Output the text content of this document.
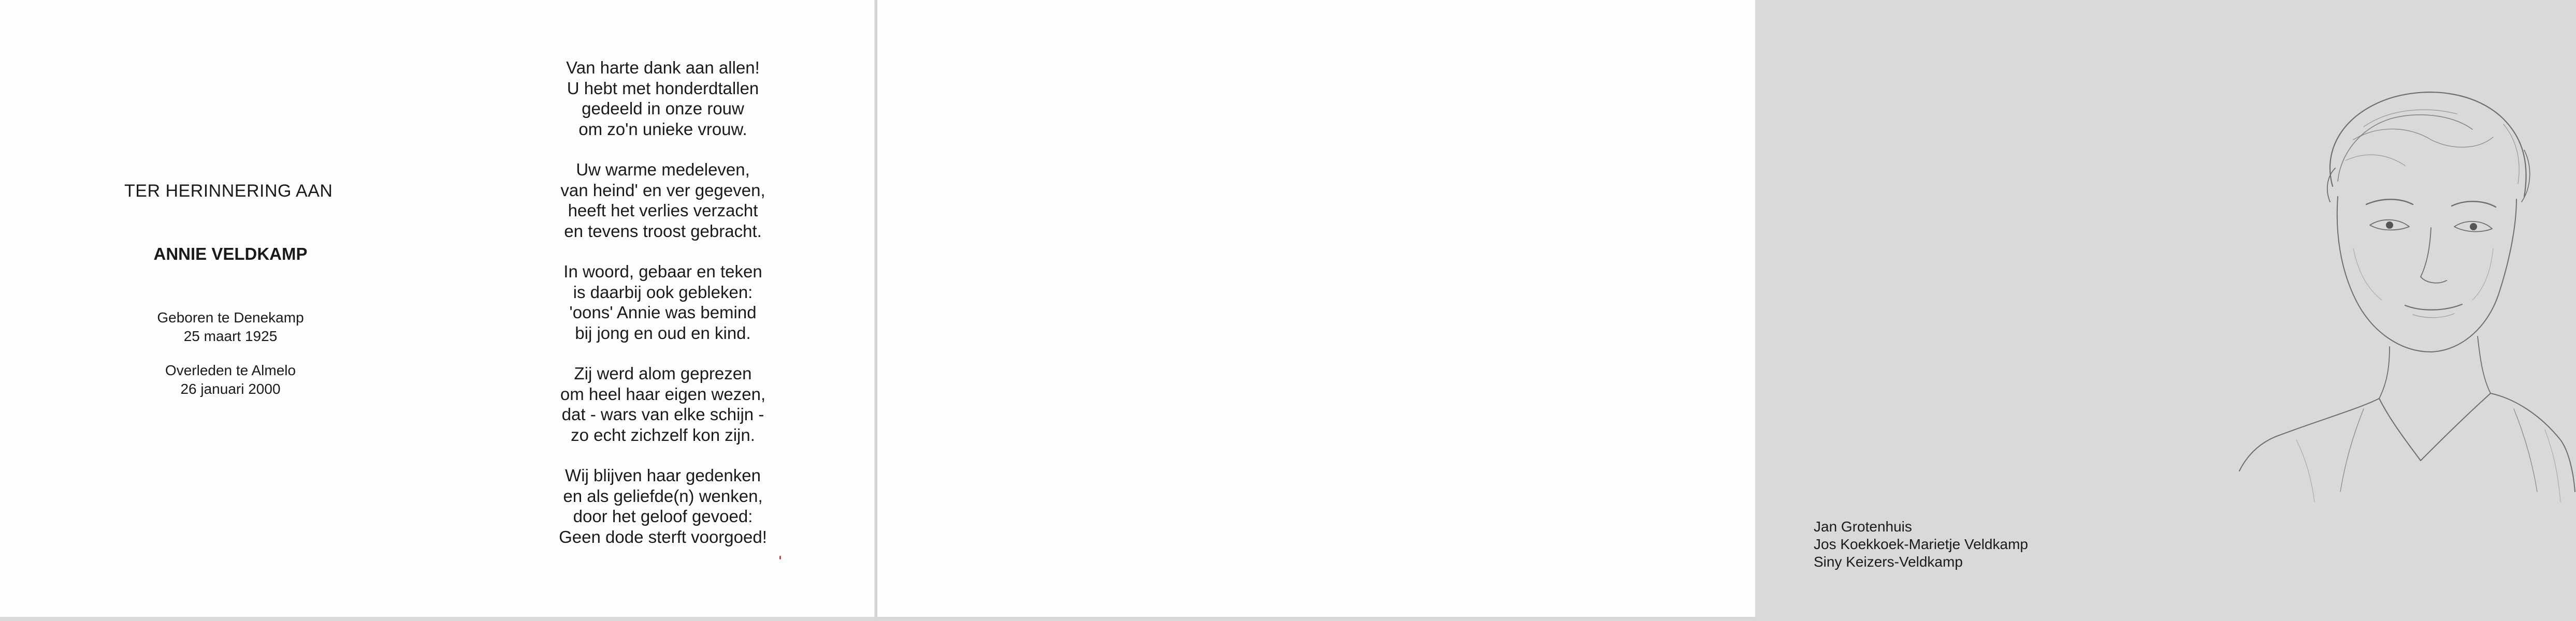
TER HERINNERING AAN
ANNIE VELDKAMP
Geboren te Denekamp
25 maart 1925
Overleden te Almelo
26 januari 2000
Van harte dank aan allen!
U hebt met honderdtallen
gedeeld in onze rouw
om zo'n unieke vrouw.
Uw warme medeleven,
van heind' en ver gegeven,
heeft het verlies verzacht
en tevens troost gebracht.
In woord, gebaar en teken
is daarbij ook gebleken:
'oons' Annie was bemind
bij jong en oud en kind.
Zij werd alom geprezen
om heel haar eigen wezen,
dat - wars van elke schijn -
zo echt zichzelf kon zijn.
Wij blijven haar gedenken
en als geliefde(n) wenken,
door het geloof gevoed:
Geen dode sterft voorgoed!
Jan Grotenhuis
Jos Koekkoek-Marietje Veldkamp
Siny Keizers-Veldkamp
